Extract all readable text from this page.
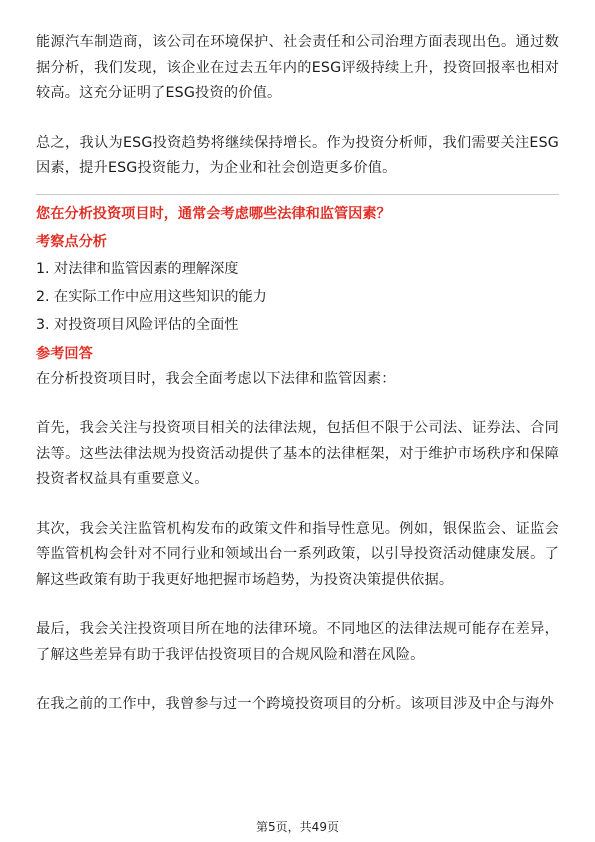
能源汽车制造商，该公司在环境保护、社会责任和公司治理方面表现出色。通过数据分析，我们发现，该企业在过去五年内的ESG评级持续上升，投资回报率也相对较高。这充分证明了ESG投资的价值。

总之，我认为ESG投资趋势将继续保持增长。作为投资分析师，我们需要关注ESG因素，提升ESG投资能力，为企业和社会创造更多价值。

您在分析投资项目时，通常会考虑哪些法律和监管因素？

考察点分析

1. 对法律和监管因素的理解深度

2. 在实际工作中应用这些知识的能力

3. 对投资项目风险评估的全面性

参考回答

在分析投资项目时，我会全面考虑以下法律和监管因素：

首先，我会关注与投资项目相关的法律法规，包括但不限于公司法、证券法、合同法等。这些法律法规为投资活动提供了基本的法律框架，对于维护市场秩序和保障投资者权益具有重要意义。

其次，我会关注监管机构发布的政策文件和指导性意见。例如，银保监会、证监会等监管机构会针对不同行业和领域出台一系列政策，以引导投资活动健康发展。了解这些政策有助于我更好地把握市场趋势，为投资决策提供依据。

最后，我会关注投资项目所在地的法律环境。不同地区的法律法规可能存在差异，了解这些差异有助于我评估投资项目的合规风险和潜在风险。

在我之前的工作中，我曾参与过一个跨境投资项目的分析。该项目涉及中企与海外

第5页，共49页
